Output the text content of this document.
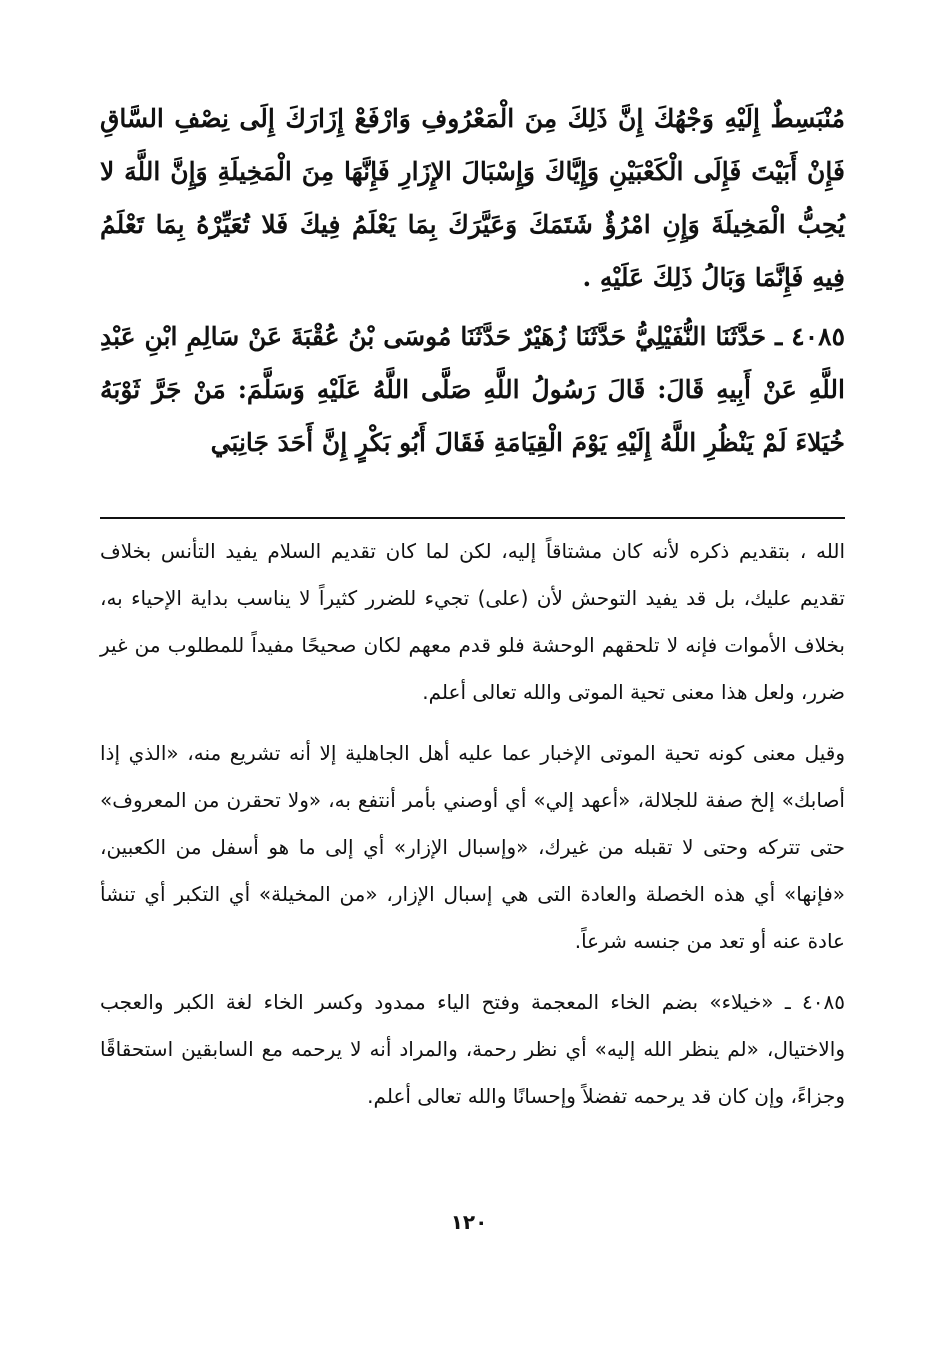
مُنْبَسِطٌ إِلَيْهِ وَجْهُكَ إِنَّ ذَلِكَ مِنَ الْمَعْرُوفِ وَارْفَعْ إِزَارَكَ إِلَى نِصْفِ السَّاقِ فَإِنْ أَبَيْتَ فَإِلَى الْكَعْبَيْنِ وَإِيَّاكَ وَإِسْبَالَ الإِزَارِ فَإِنَّهَا مِنَ الْمَخِيلَةِ وَإِنَّ اللَّهَ لا يُحِبُّ الْمَخِيلَةَ وَإِنِ امْرُؤٌ شَتَمَكَ وَعَيَّرَكَ بِمَا يَعْلَمُ فِيكَ فَلا تُعَيِّرْهُ بِمَا تَعْلَمُ فِيهِ فَإِنَّمَا وَبَالُ ذَلِكَ عَلَيْهِ .

٤٠٨٥ ـ حَدَّثَنَا النُّفَيْلِيُّ حَدَّثَنَا زُهَيْرٌ حَدَّثَنَا مُوسَى بْنُ عُقْبَةَ عَنْ سَالِمِ ابْنِ عَبْدِ اللَّهِ عَنْ أَبِيهِ قَالَ: قَالَ رَسُولُ اللَّهِ صَلَّى اللَّهُ عَلَيْهِ وَسَلَّمَ: مَنْ جَرَّ ثَوْبَهُ خُيَلاءَ لَمْ يَنْظُرِ اللَّهُ إِلَيْهِ يَوْمَ الْقِيَامَةِ فَقَالَ أَبُو بَكْرٍ إِنَّ أَحَدَ جَانِبَي

الله ، بتقديم ذكره لأنه كان مشتاقاً إليه، لكن لما كان تقديم السلام يفيد التأنس بخلاف تقديم عليك، بل قد يفيد التوحش لأن (على) تجيء للضرر كثيراً لا يناسب بداية الإحياء به، بخلاف الأموات فإنه لا تلحقهم الوحشة فلو قدم معهم لكان صحيحًا مفيداً للمطلوب من غير ضرر، ولعل هذا معنى تحية الموتى والله تعالى أعلم.

وقيل معنى كونه تحية الموتى الإخبار عما عليه أهل الجاهلية إلا أنه تشريع منه، «الذي إذا أصابك» إلخ صفة للجلالة، «أعهد إلي» أي أوصني بأمر أنتفع به، «ولا تحقرن من المعروف» حتى تتركه وحتى لا تقبله من غيرك، «وإسبال الإزار» أي إلى ما هو أسفل من الكعبين، «فإنها» أي هذه الخصلة والعادة التى هي إسبال الإزار، «من المخيلة» أي التكبر أي تنشأ عادة عنه أو تعد من جنسه شرعاً.

٤٠٨٥ ـ «خيلاء» بضم الخاء المعجمة وفتح الياء ممدود وكسر الخاء لغة الكبر والعجب والاختيال، «لم ينظر الله إليه» أي نظر رحمة، والمراد أنه لا يرحمه مع السابقين استحقاقًا وجزاءً، وإن كان قد يرحمه تفضلاً وإحسانًا والله تعالى أعلم.

١٢٠
